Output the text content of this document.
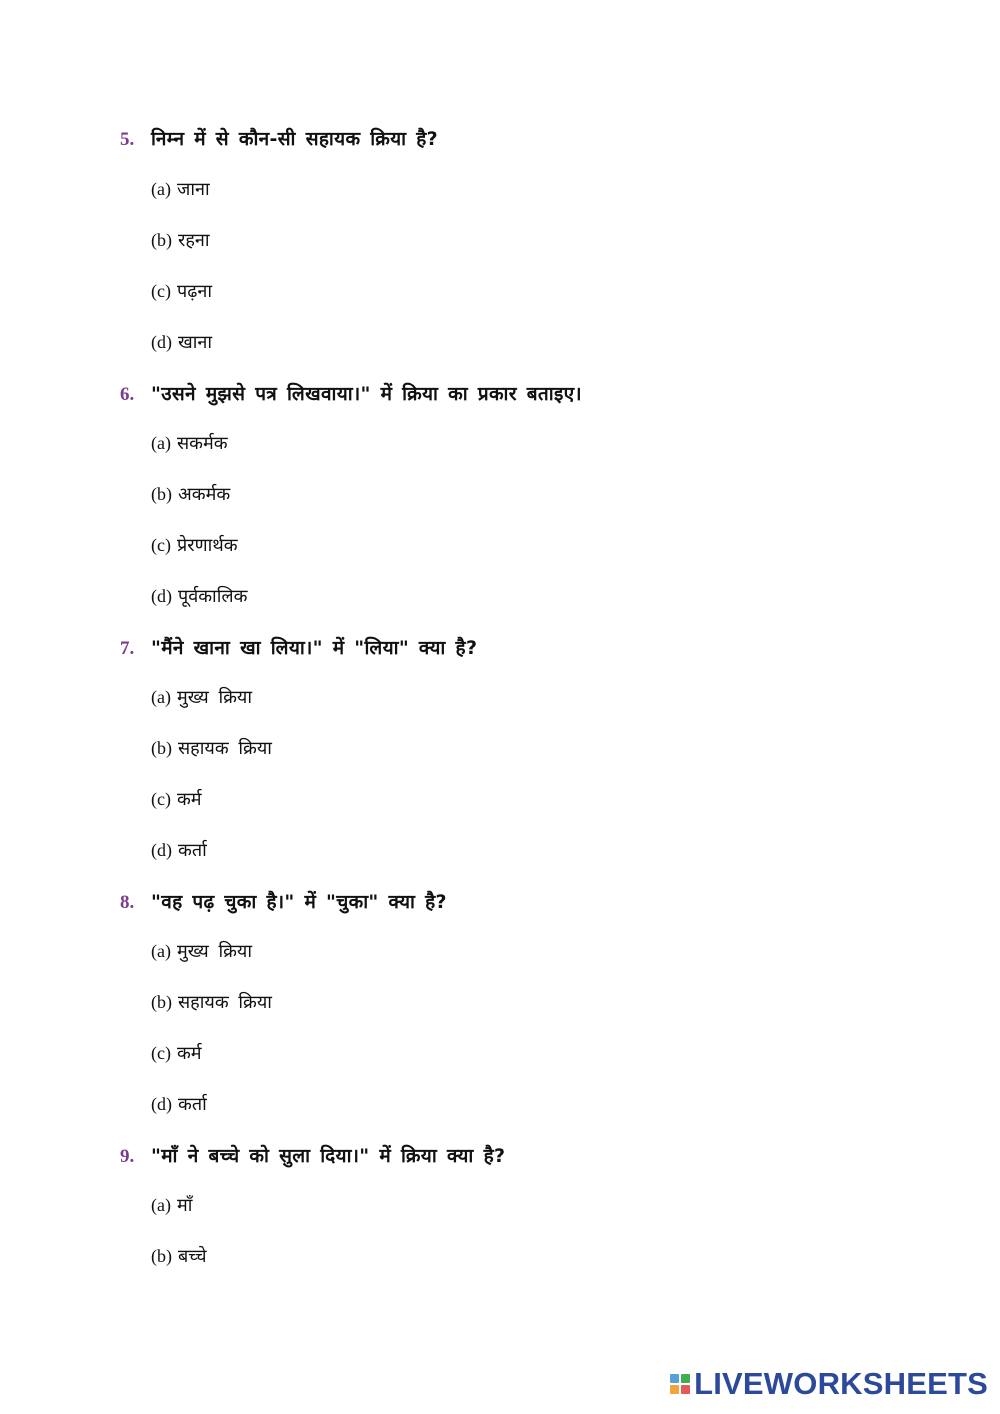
5. निम्न में से कौन-सी सहायक क्रिया है?
(a) जाना
(b) रहना
(c) पढ़ना
(d) खाना
6. "उसने मुझसे पत्र लिखवाया।" में क्रिया का प्रकार बताइए।
(a) सकर्मक
(b) अकर्मक
(c) प्रेरणार्थक
(d) पूर्वकालिक
7. "मैंने खाना खा लिया।" में "लिया" क्या है?
(a) मुख्य क्रिया
(b) सहायक क्रिया
(c) कर्म
(d) कर्ता
8. "वह पढ़ चुका है।" में "चुका" क्या है?
(a) मुख्य क्रिया
(b) सहायक क्रिया
(c) कर्म
(d) कर्ता
9. "माँ ने बच्चे को सुला दिया।" में क्रिया क्या है?
(a) माँ
(b) बच्चे
LIVEWORKSHEETS
